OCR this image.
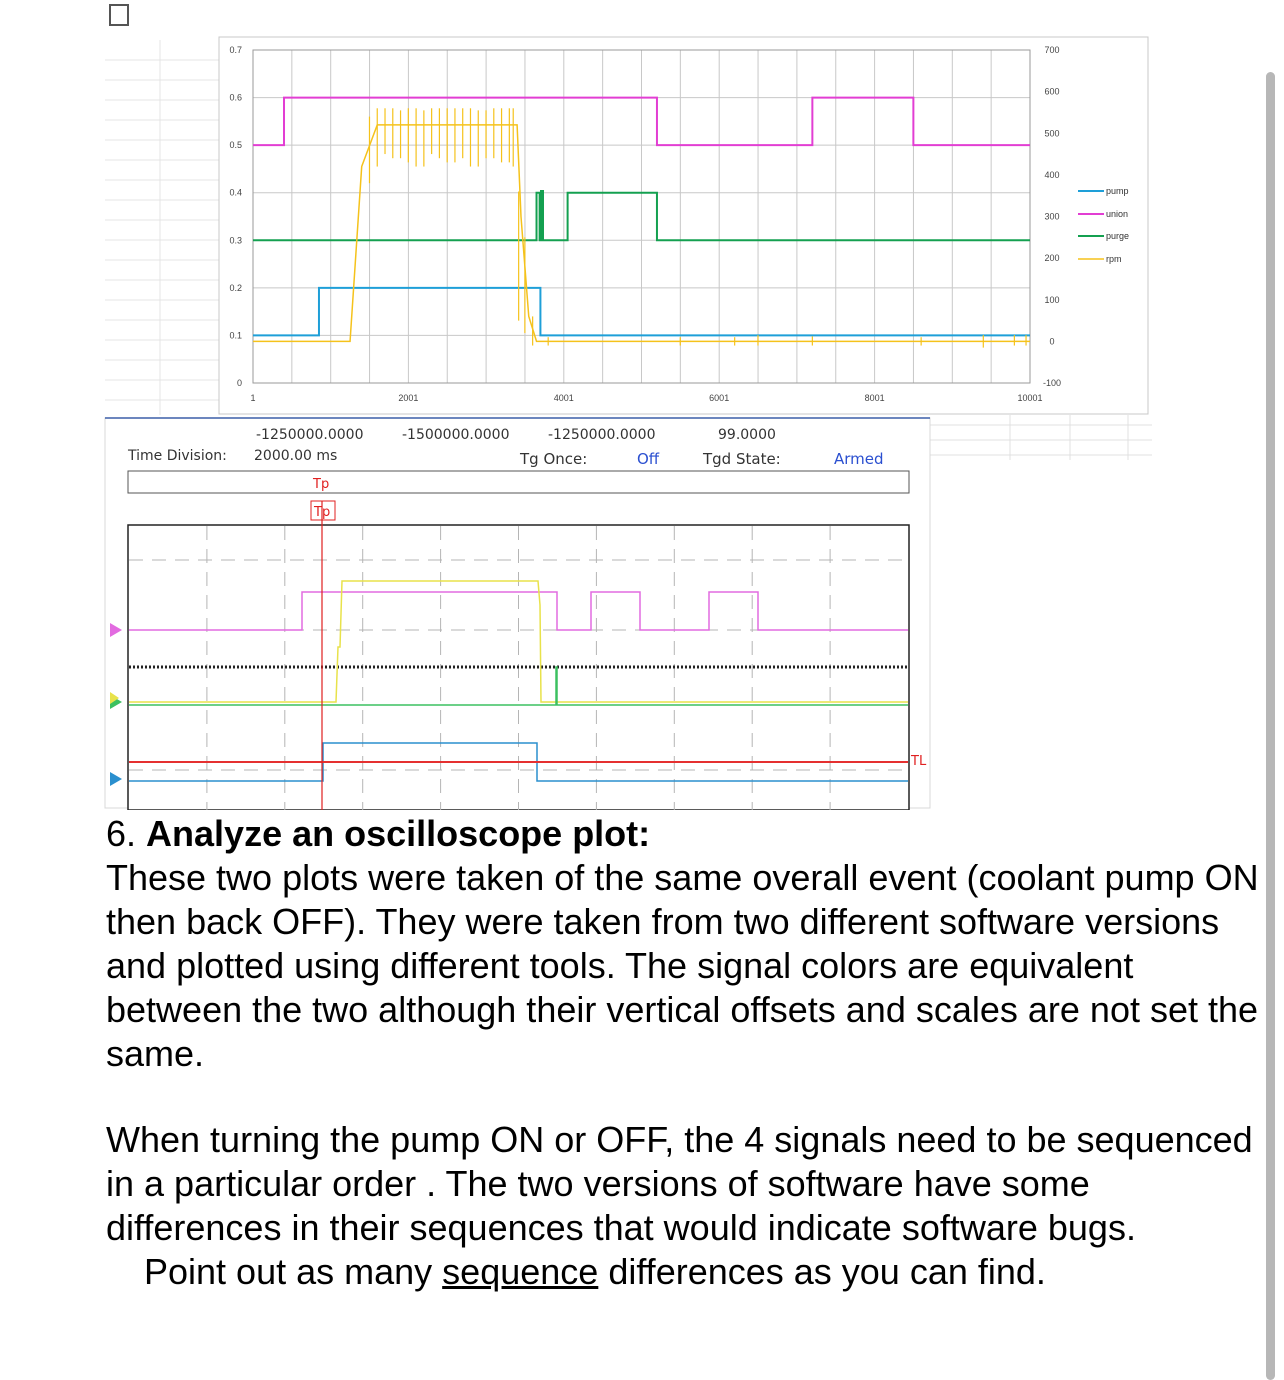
0.7
0.6
0.5
0.4
0.3
0.2
0.1
0
700
600
500
400
300
200
100
0
-100
1	2001	4001	6001	8001	10001
pump
union
purge
rpm
-1250000.0000	-1500000.0000	-1250000.0000	99.0000
Time Division: 2000.00 ms	Tg Once:	Off	Tgd State:	Armed
Tp
Tp
TL

6. Analyze an oscilloscope plot:

These two plots were taken of the same overall event (coolant pump ON then back OFF). They were taken from two different software versions and plotted using different tools. The signal colors are equivalent between the two although their vertical offsets and scales are not set the same.

When turning the pump ON or OFF, the 4 signals need to be sequenced in a particular order . The two versions of software have some differences in their sequences that would indicate software bugs.

Point out as many sequence differences as you can find.
